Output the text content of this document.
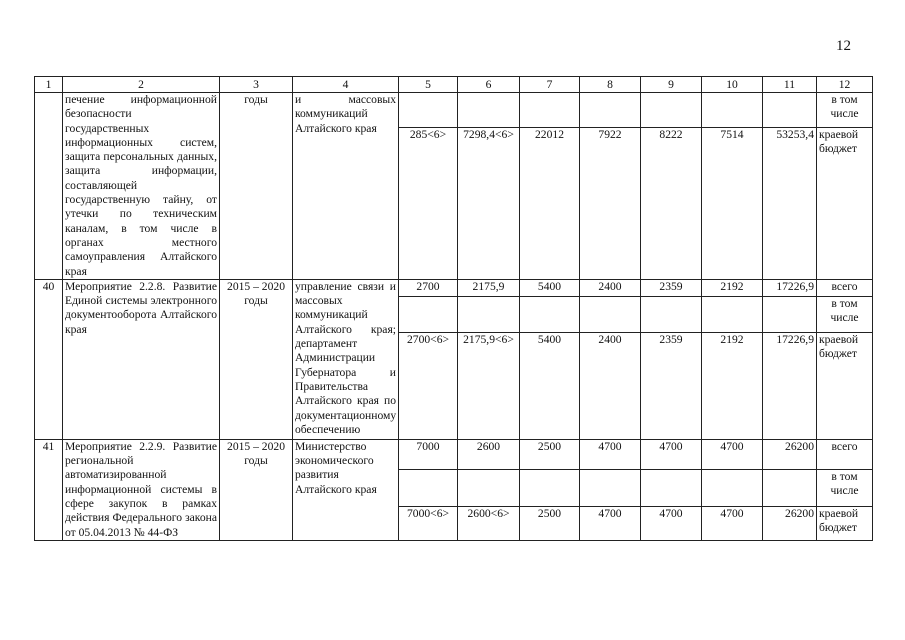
12
1	2	3	4	5	6	7	8	9	10	11	12
	печение информационной безопасности государственных информационных систем, защита персональных данных, защита информации, составляющей государственную тайну, от утечки по техническим каналам, в том числе в органах местного самоуправления Алтайского края	годы	и массовых коммуникаций Алтайского края								в том числе
				285<6>	7298,4<6>	22012	7922	8222	7514	53253,4	краевой бюджет
40	Мероприятие 2.2.8. Развитие Единой системы электронного документооборота Алтайского края	2015 – 2020 годы	управление связи и массовых коммуникаций Алтайского края; департамент Администрации Губернатора и Правительства Алтайского края по документационному обеспечению	2700	2175,9	5400	2400	2359	2192	17226,9	всего
											в том числе
				2700<6>	2175,9<6>	5400	2400	2359	2192	17226,9	краевой бюджет
41	Мероприятие 2.2.9. Развитие региональной автоматизированной информационной системы в сфере закупок в рамках действия Федерального закона от 05.04.2013 № 44-ФЗ	2015 – 2020 годы	Министерство экономического развития Алтайского края	7000	2600	2500	4700	4700	4700	26200	всего
											в том числе
				7000<6>	2600<6>	2500	4700	4700	4700	26200	краевой бюджет
